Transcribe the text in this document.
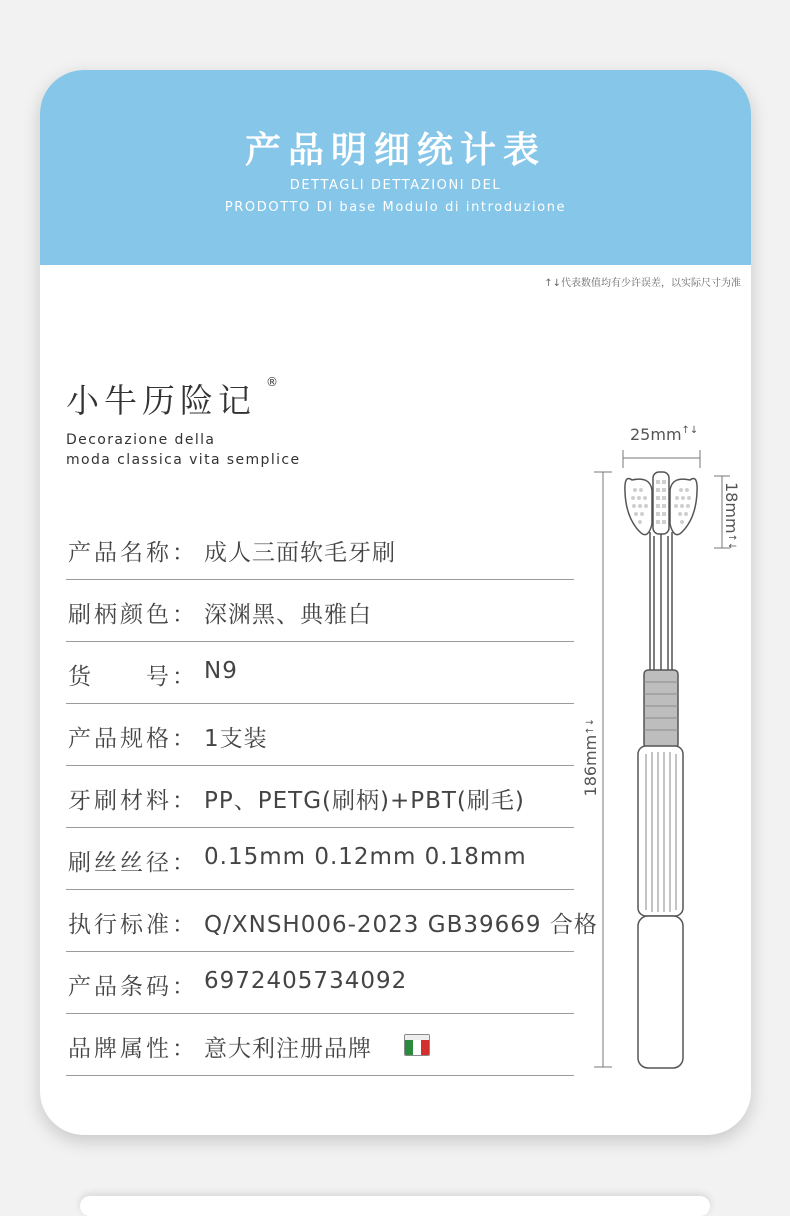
产品明细统计表
DETTAGLI DETTAZIONI DEL
PRODOTTO DI base Modulo di introduzione
↑↓代表数值均有少许误差，以实际尺寸为准
小牛历险记 ®
Decorazione della
moda classica vita semplice
产品名称： 成人三面软毛牙刷
刷柄颜色： 深渊黑、典雅白
货　　号： N9
产品规格： 1支装
牙刷材料： PP、PETG(刷柄)+PBT(刷毛)
刷丝丝径： 0.15mm 0.12mm 0.18mm
执行标准： Q/XNSH006-2023 GB39669 合格
产品条码： 6972405734092
品牌属性： 意大利注册品牌
25mm↑↓
18mm↑↓
186mm↑↓
